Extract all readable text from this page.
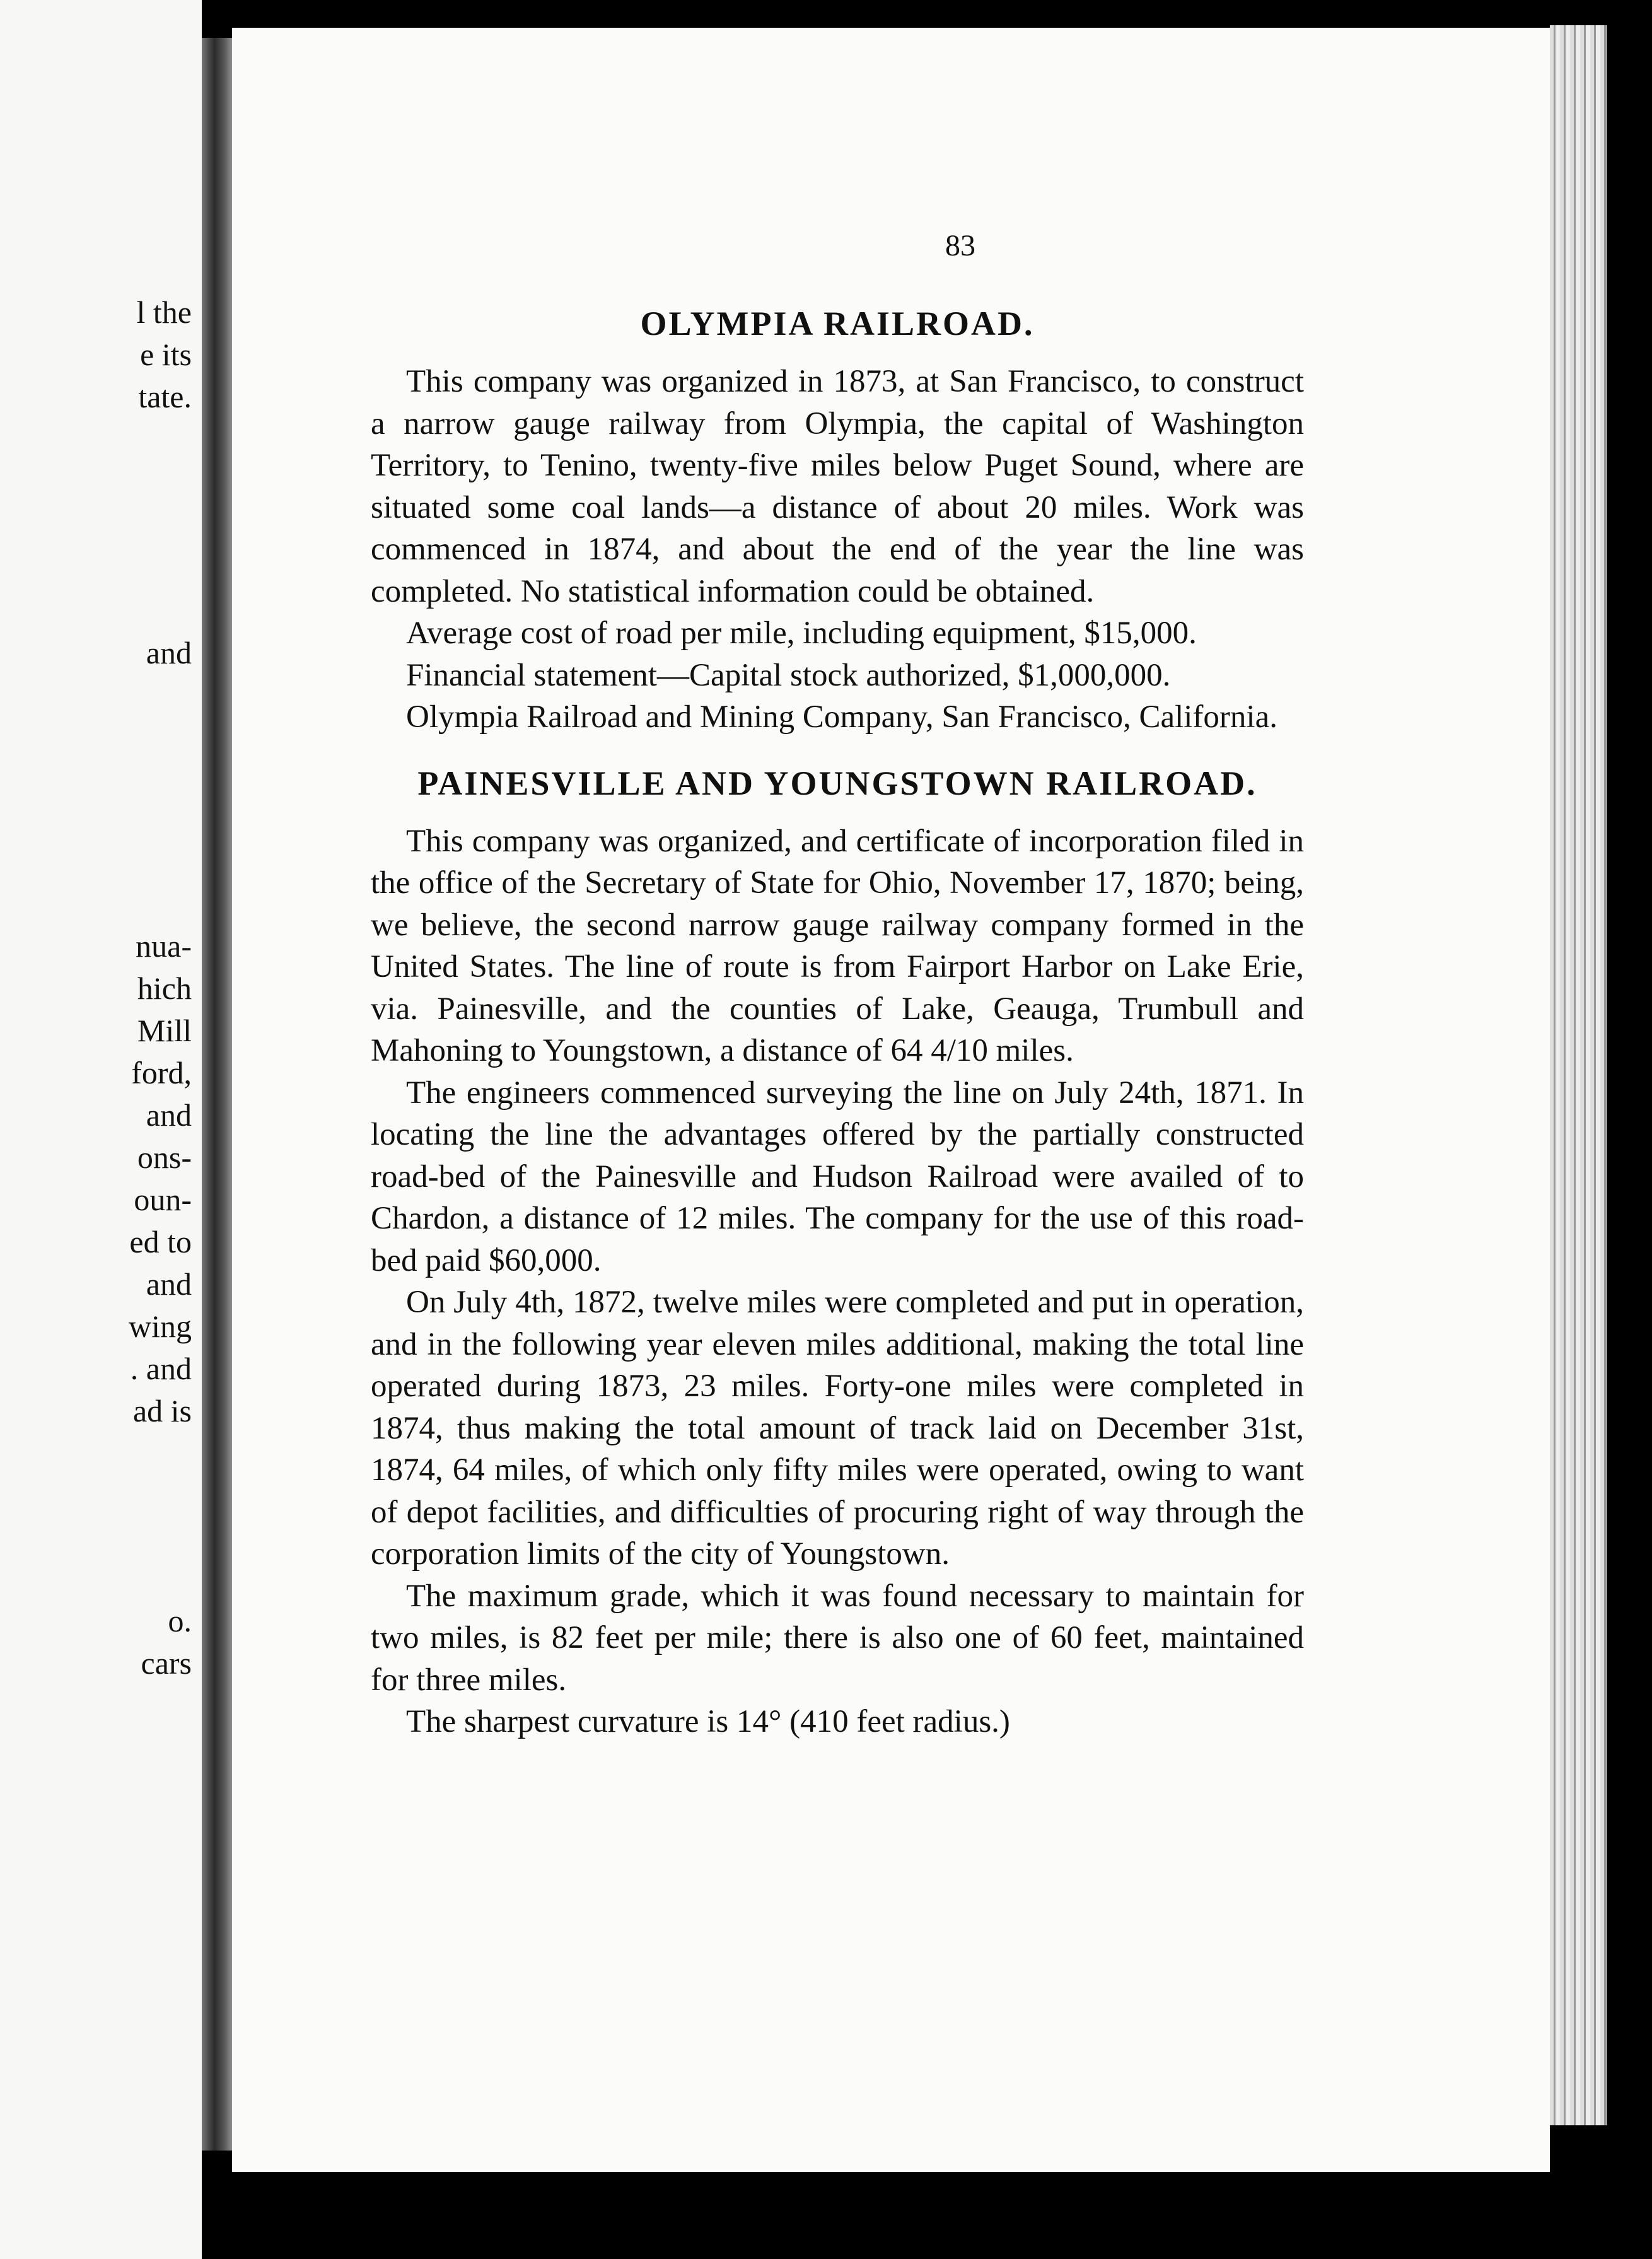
l the
e its
tate.
and
nua-
hich
Mill
ford,
and
ons-
oun-
ed to
and
wing
. and
ad is
o.
cars
83
OLYMPIA RAILROAD.

This company was organized in 1873, at San Francisco, to construct a narrow gauge railway from Olympia, the capital of Washington Territory, to Tenino, twenty-five miles below Puget Sound, where are situated some coal lands—a distance of about 20 miles. Work was commenced in 1874, and about the end of the year the line was completed. No statistical information could be obtained.

Average cost of road per mile, including equipment, $15,000.

Financial statement—Capital stock authorized, $1,000,000.

Olympia Railroad and Mining Company, San Francisco, California.

PAINESVILLE AND YOUNGSTOWN RAILROAD.

This company was organized, and certificate of incorporation filed in the office of the Secretary of State for Ohio, November 17, 1870; being, we believe, the second narrow gauge railway company formed in the United States. The line of route is from Fairport Harbor on Lake Erie, via. Painesville, and the counties of Lake, Geauga, Trumbull and Mahoning to Youngstown, a distance of 64 4/10 miles.

The engineers commenced surveying the line on July 24th, 1871. In locating the line the advantages offered by the partially constructed road-bed of the Painesville and Hudson Railroad were availed of to Chardon, a distance of 12 miles. The company for the use of this road-bed paid $60,000.

On July 4th, 1872, twelve miles were completed and put in operation, and in the following year eleven miles additional, making the total line operated during 1873, 23 miles. Forty-one miles were completed in 1874, thus making the total amount of track laid on December 31st, 1874, 64 miles, of which only fifty miles were operated, owing to want of depot facilities, and difficulties of procuring right of way through the corporation limits of the city of Youngstown.

The maximum grade, which it was found necessary to maintain for two miles, is 82 feet per mile; there is also one of 60 feet, maintained for three miles.

The sharpest curvature is 14° (410 feet radius.)
